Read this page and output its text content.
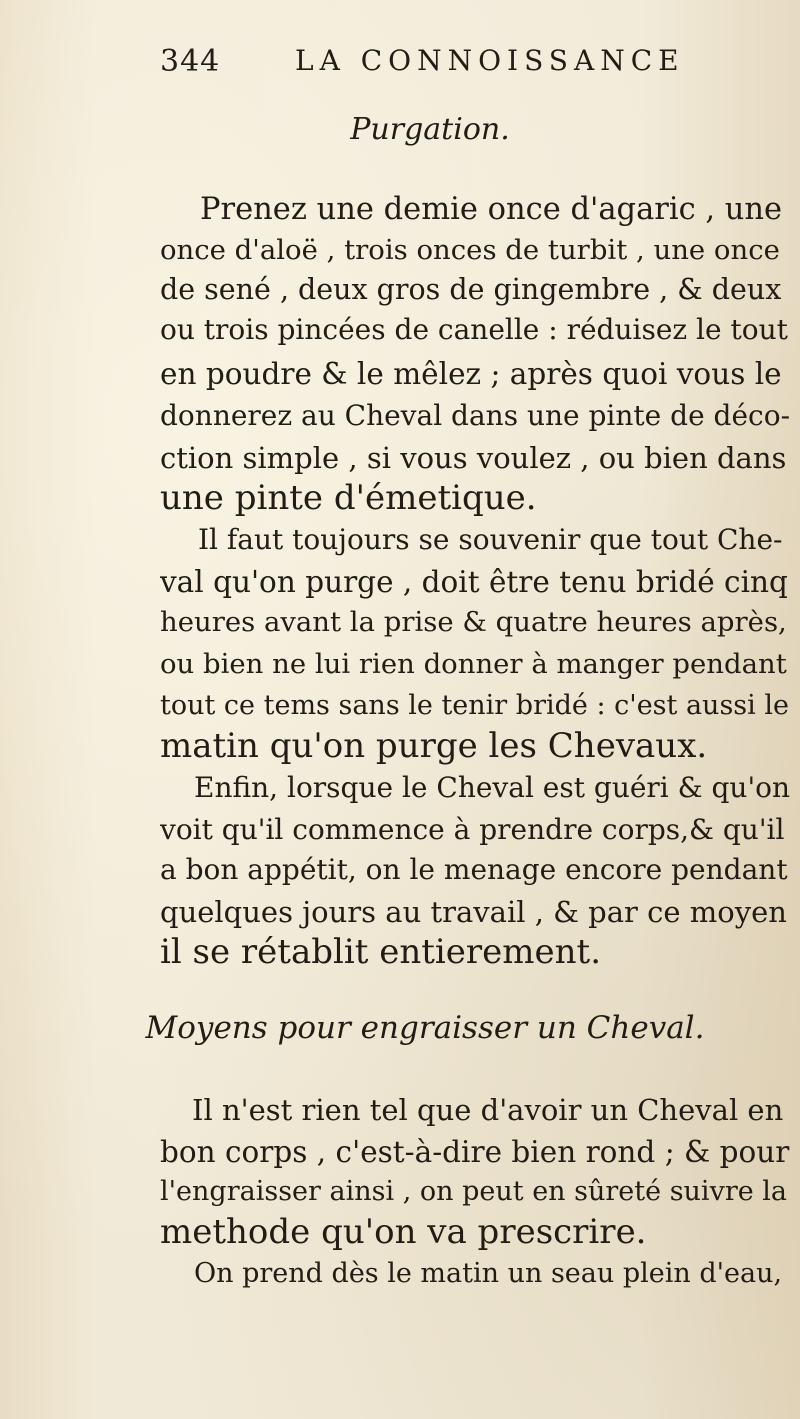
344	LA CONNOISSANCE
Purgation.
Prenez une demie once d'agaric , une
once d'aloë , trois onces de turbit , une once
de sené , deux gros de gingembre , & deux
ou trois pincées de canelle : réduisez le tout
en poudre & le mêlez ; après quoi vous le
donnerez au Cheval dans une pinte de déco-
ction simple , si vous voulez , ou bien dans
une pinte d'émetique.
Il faut toujours se souvenir que tout Che-
val qu'on purge , doit être tenu bridé cinq
heures avant la prise & quatre heures après,
ou bien ne lui rien donner à manger pendant
tout ce tems sans le tenir bridé : c'est aussi le
matin qu'on purge les Chevaux.
Enfin, lorsque le Cheval est guéri & qu'on
voit qu'il commence à prendre corps,& qu'il
a bon appétit, on le menage encore pendant
quelques jours au travail , & par ce moyen
il se rétablit entierement.
Moyens pour engraisser un Cheval.
Il n'est rien tel que d'avoir un Cheval en
bon corps , c'est-à-dire bien rond ; & pour
l'engraisser ainsi , on peut en sûreté suivre la
methode qu'on va prescrire.
On prend dès le matin un seau plein d'eau,
